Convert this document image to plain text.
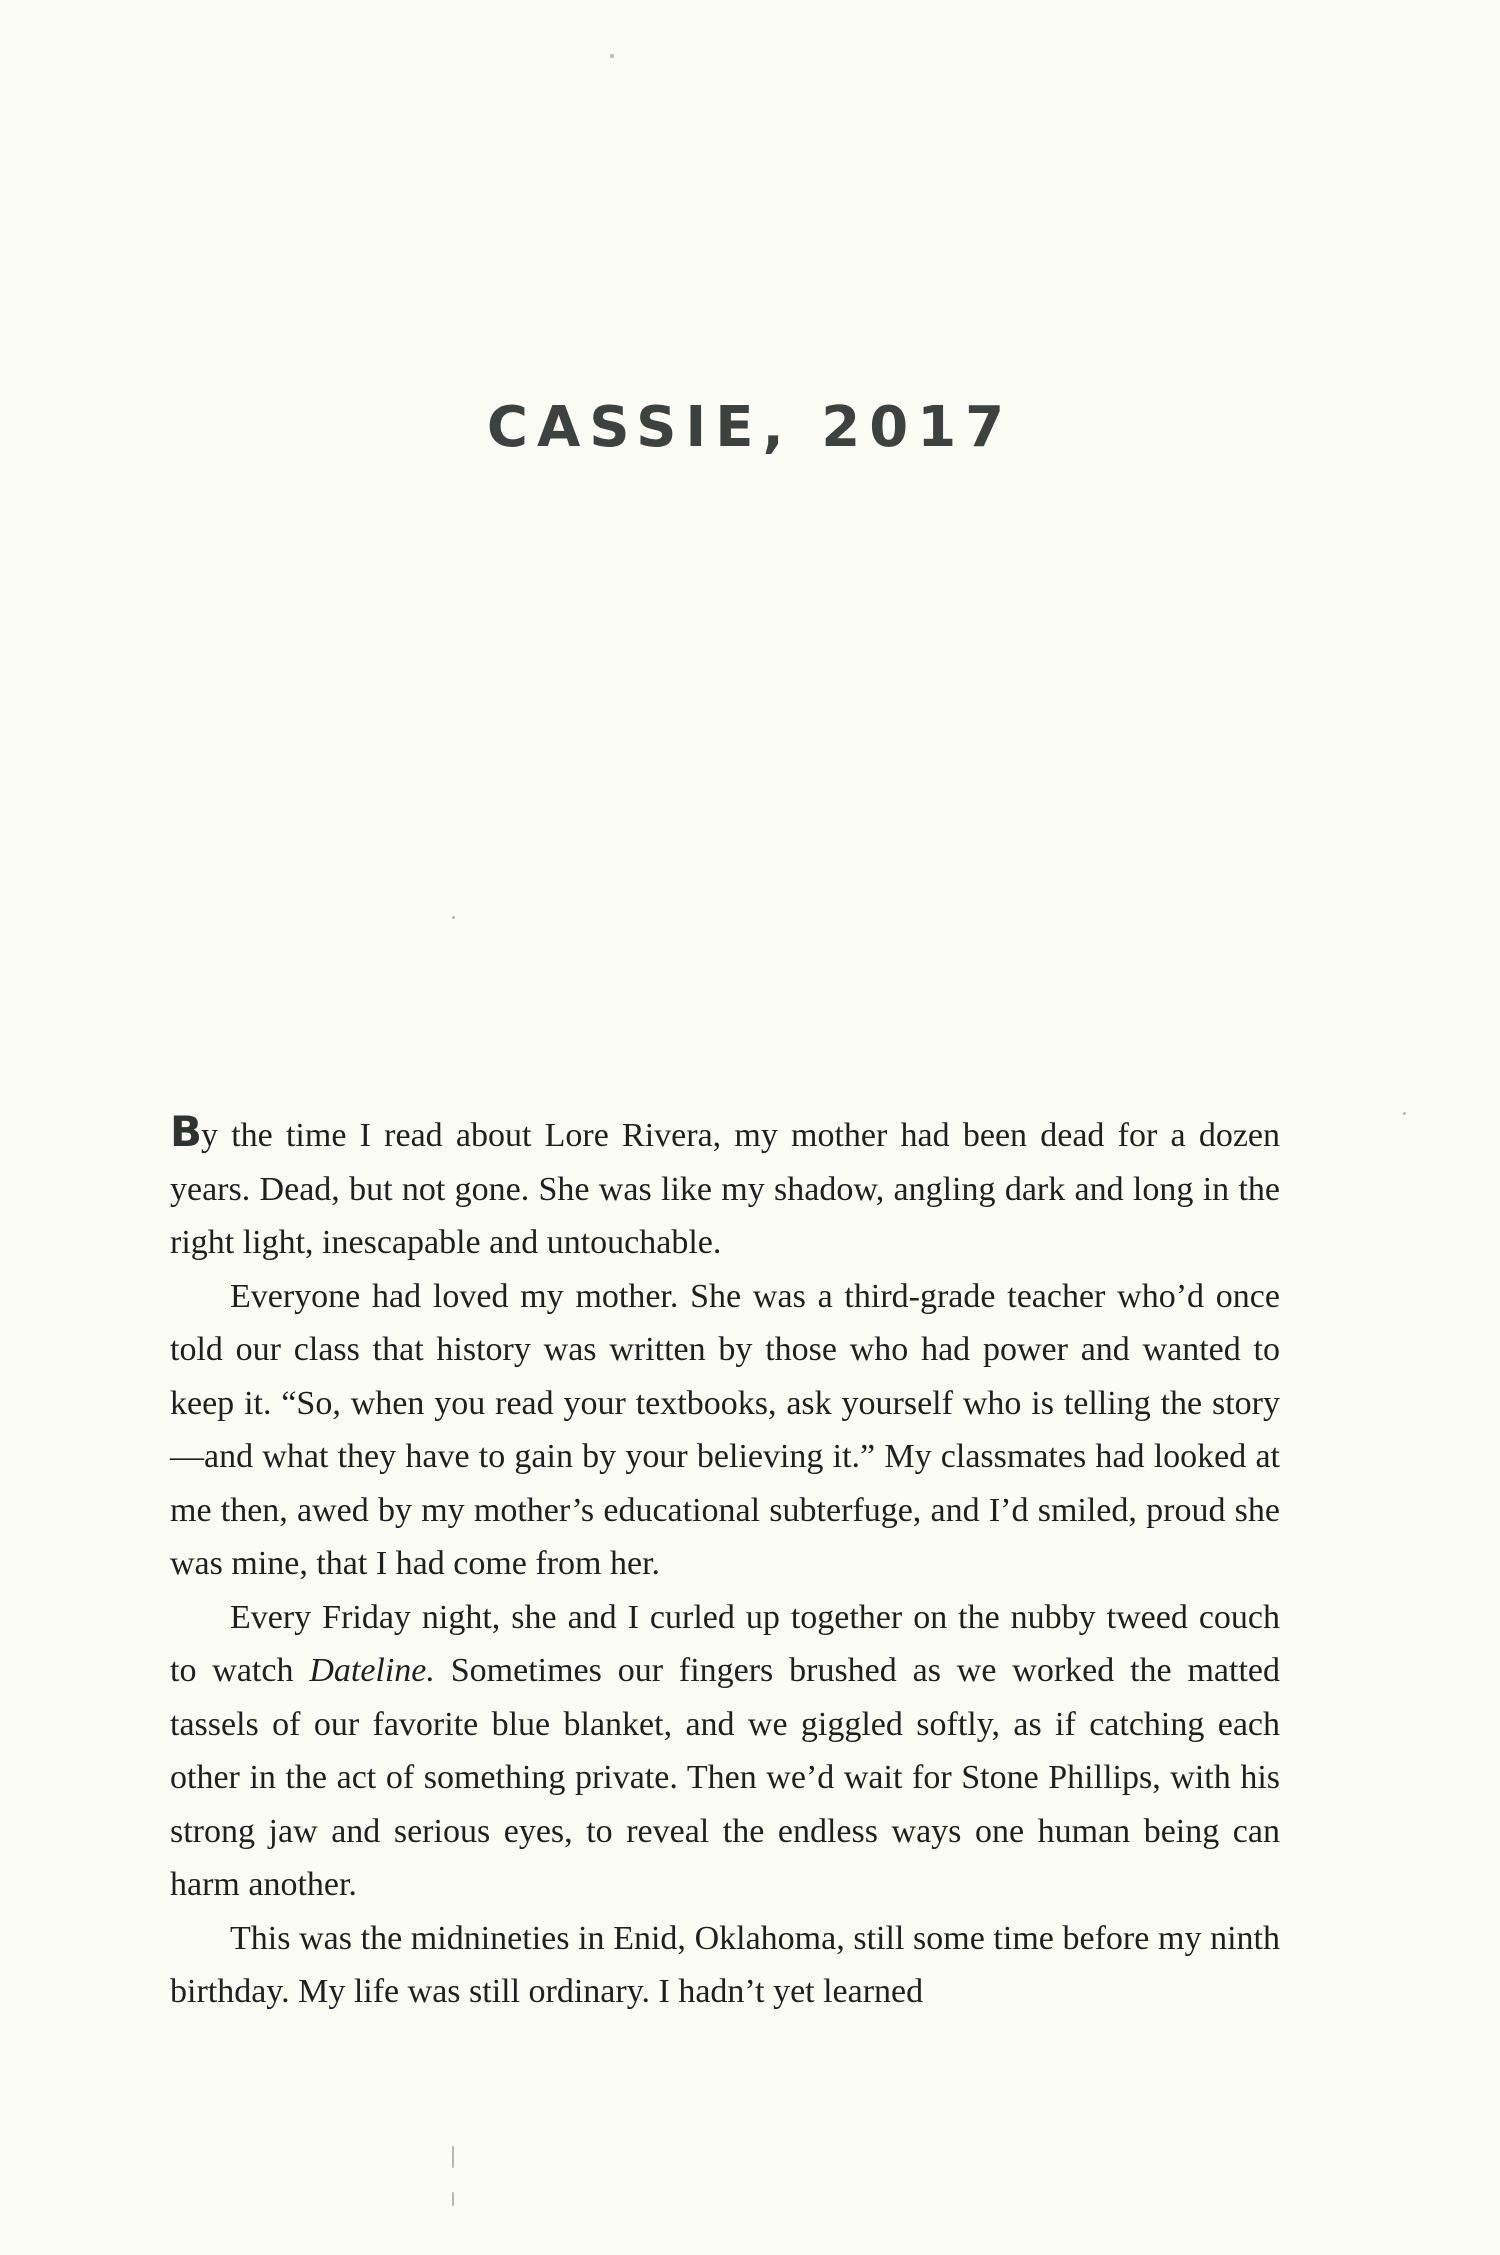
CASSIE, 2017

By the time I read about Lore Rivera, my mother had been dead for a dozen years. Dead, but not gone. She was like my shadow, angling dark and long in the right light, inescapable and untouchable.

Everyone had loved my mother. She was a third-grade teacher who’d once told our class that history was written by those who had power and wanted to keep it. “So, when you read your textbooks, ask yourself who is telling the story—and what they have to gain by your believing it.” My classmates had looked at me then, awed by my mother’s educational subterfuge, and I’d smiled, proud she was mine, that I had come from her.

Every Friday night, she and I curled up together on the nubby tweed couch to watch Dateline. Sometimes our fingers brushed as we worked the matted tassels of our favorite blue blanket, and we giggled softly, as if catching each other in the act of something private. Then we’d wait for Stone Phillips, with his strong jaw and serious eyes, to reveal the endless ways one human being can harm another.

This was the midnineties in Enid, Oklahoma, still some time before my ninth birthday. My life was still ordinary. I hadn’t yet learned
